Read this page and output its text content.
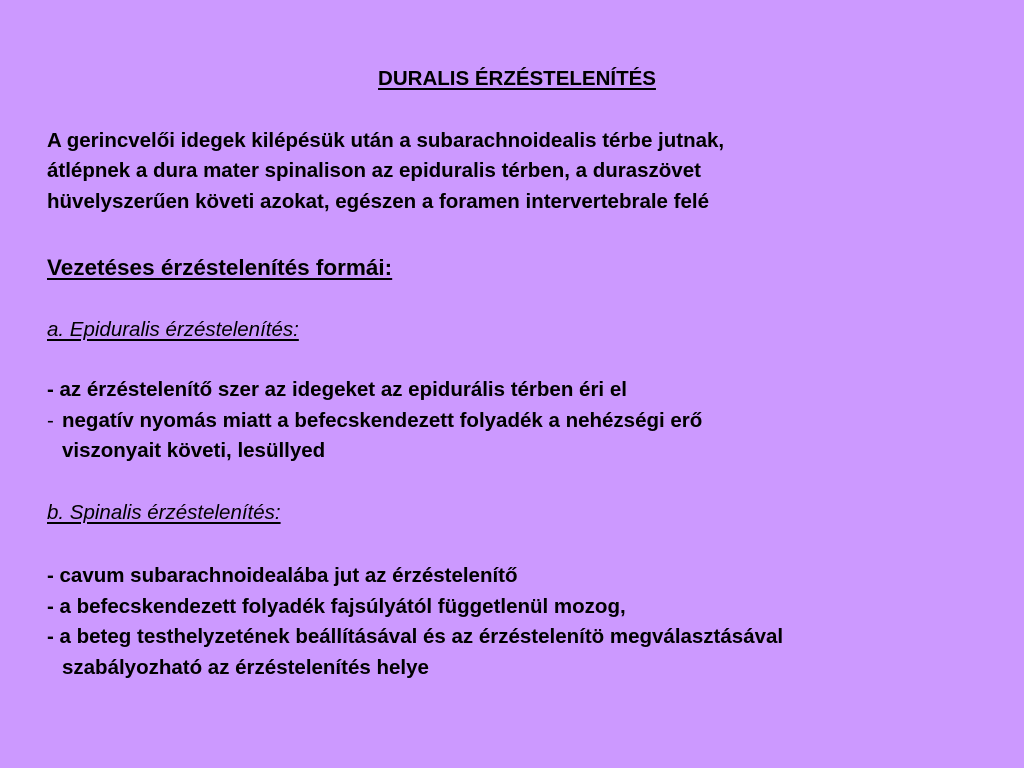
DURALIS ÉRZÉSTELENÍTÉS
A gerincvelői idegek kilépésük után a subarachnoidealis térbe jutnak,
átlépnek a dura mater spinalison az epiduralis térben, a duraszövet
hüvelyszerűen követi azokat, egészen a foramen intervertebrale felé
Vezetéses érzéstelenítés formái:
a. Epiduralis érzéstelenítés:
- az érzéstelenítő szer az idegeket az epidurális térben éri el
- negatív nyomás miatt a befecskendezett folyadék a nehézségi erő
viszonyait követi, lesüllyed
b. Spinalis érzéstelenítés:
- cavum subarachnoidealába jut az érzéstelenítő
- a befecskendezett folyadék fajsúlyától függetlenül mozog,
- a beteg testhelyzetének beállításával és az érzéstelenítö megválasztásával
szabályozható az érzéstelenítés helye
